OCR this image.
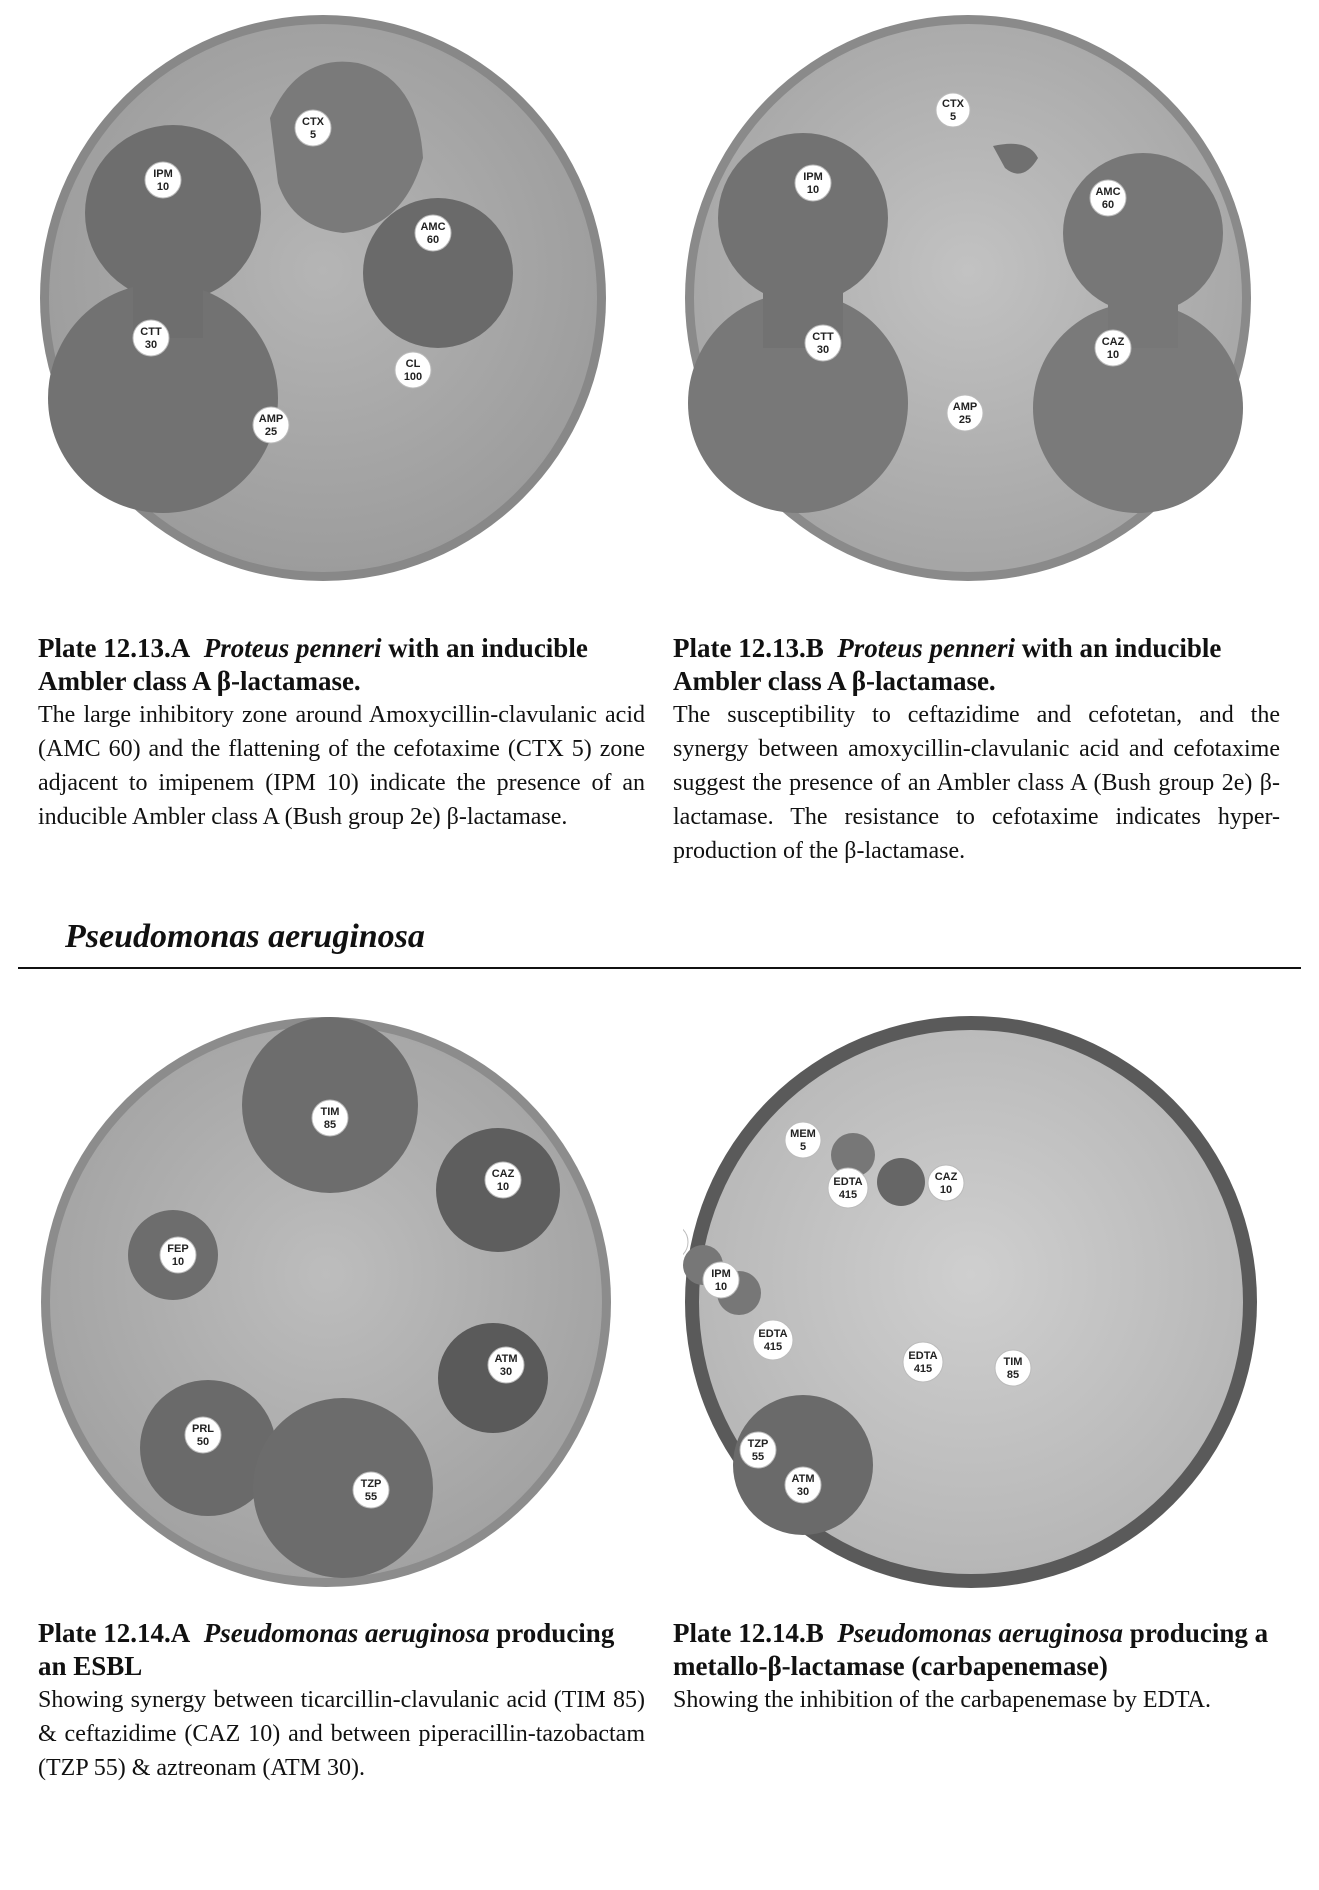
CTX
5
IPM
10
AMC
60
CTT
30
CL
100
AMP
25
CTX
5
IPM
10	AMC
60
CTT
30
CAZ
10
AMP
25
Plate 12.13.A Proteus penneri with an inducible Ambler class A β-lactamase.
The large inhibitory zone around Amoxycillin-clavulanic acid (AMC 60) and the flattening of the cefotaxime (CTX 5) zone adjacent to imipenem (IPM 10) indicate the presence of an inducible Ambler class A (Bush group 2e) β-lactamase.
Plate 12.13.B Proteus penneri with an inducible Ambler class A β-lactamase.
The susceptibility to ceftazidime and cefotetan, and the synergy between amoxycillin-clavulanic acid and cefotaxime suggest the presence of an Ambler class A (Bush group 2e) β-lactamase. The resistance to cefotaxime indicates hyper-production of the β-lactamase.
Pseudomonas aeruginosa
TIM
85
CAZ
10
FEP
10
ATM
30
PRL
50
TZP
55
MEM
5
EDTA
415
CAZ
10
IPM
10
EDTA
415
EDTA
415
TIM
85
TZP
55
ATM
30
Plate 12.14.A Pseudomonas aeruginosa producing an ESBL
Showing synergy between ticarcillin-clavulanic acid (TIM 85) & ceftazidime (CAZ 10) and between piperacillin-tazobactam (TZP 55) & aztreonam (ATM 30).
Plate 12.14.B Pseudomonas aeruginosa producing a metallo-β-lactamase (carbapenemase)
Showing the inhibition of the carbapenemase by EDTA.
